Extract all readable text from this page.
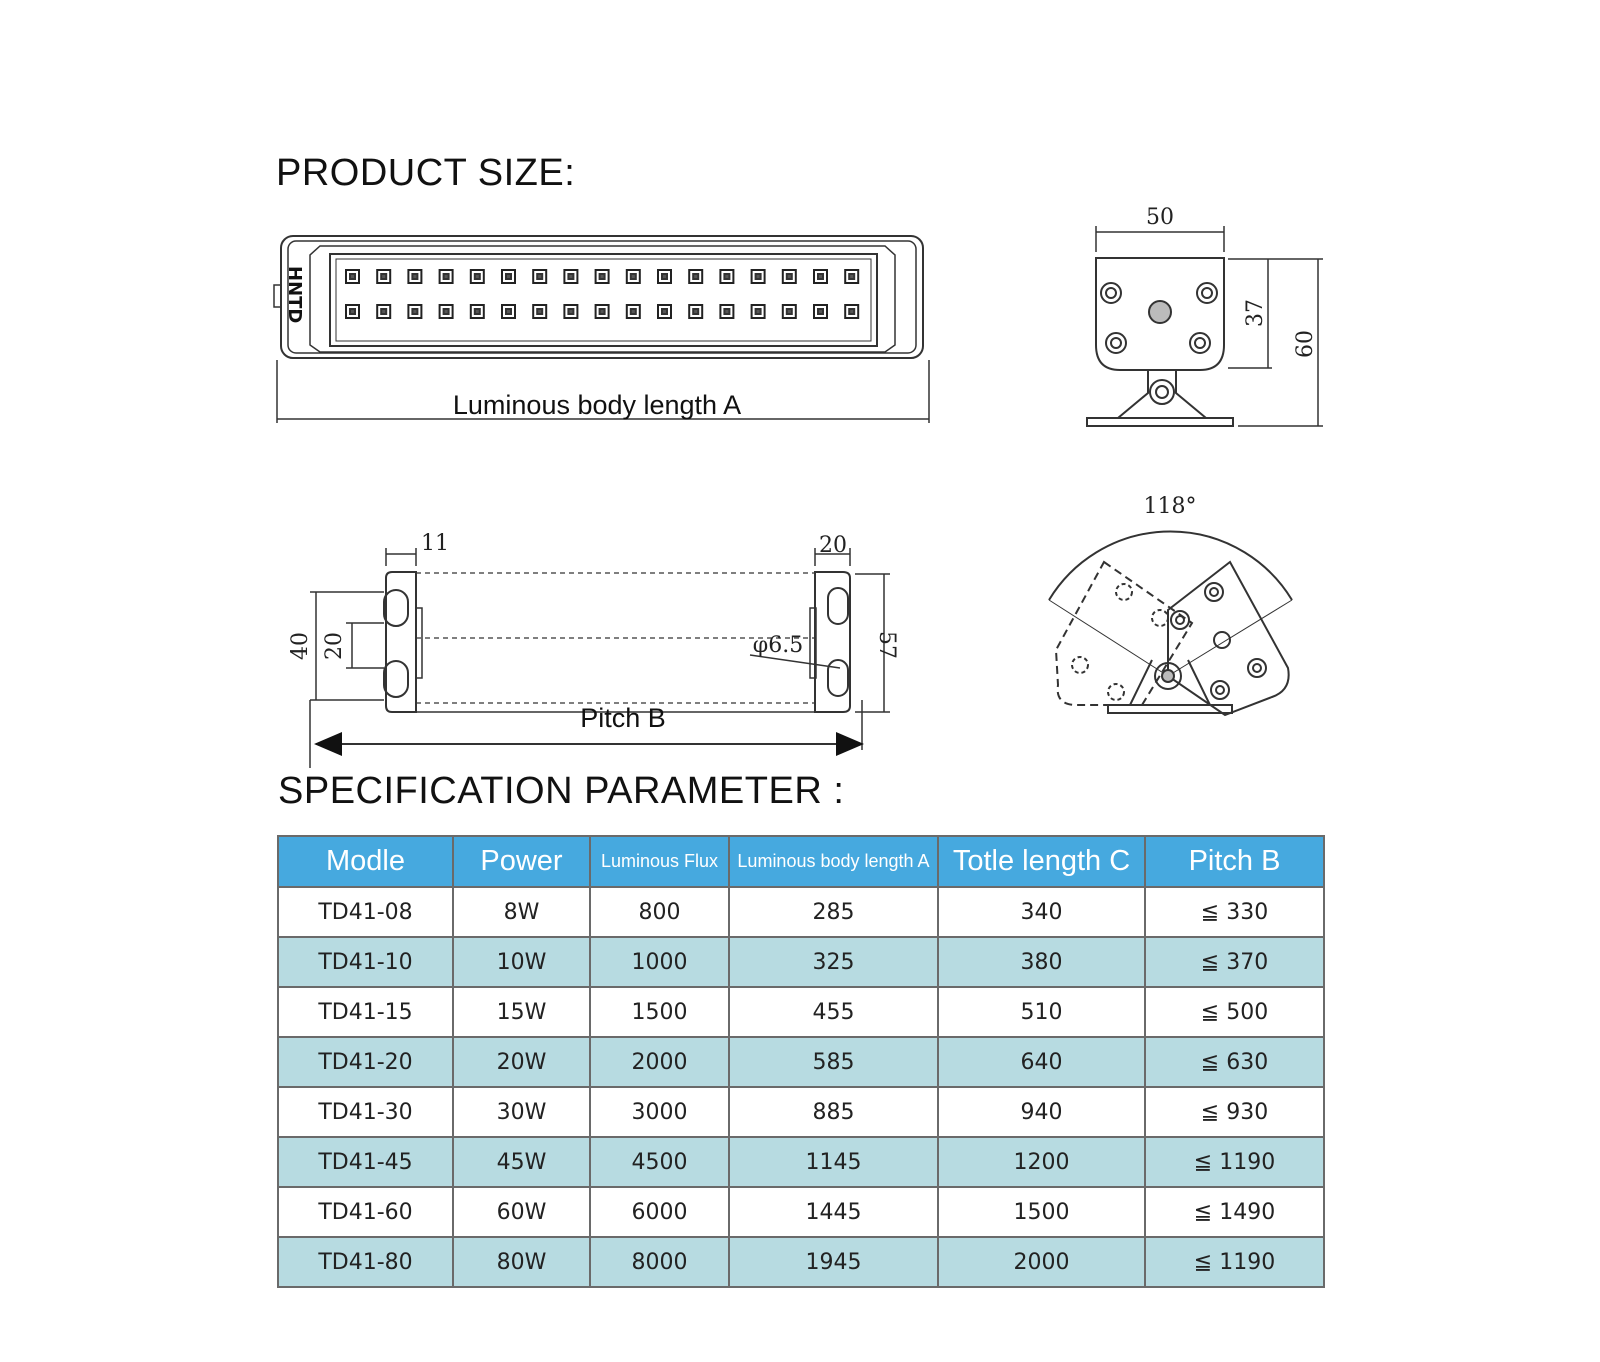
PRODUCT SIZE:
HNTD
Luminous body length A
50
37
60
118°
11	20
40 20	φ6.5	57
Pitch B
SPECIFICATION PARAMETER :
Modle	Power	Luminous Flux	Luminous body length A	Totle length C	Pitch B
TD41-08	8W	800	285	340	≦ 330
TD41-10	10W	1000	325	380	≦ 370
TD41-15	15W	1500	455	510	≦ 500
TD41-20	20W	2000	585	640	≦ 630
TD41-30	30W	3000	885	940	≦ 930
TD41-45	45W	4500	1145	1200	≦ 1190
TD41-60	60W	6000	1445	1500	≦ 1490
TD41-80	80W	8000	1945	2000	≦ 1190
